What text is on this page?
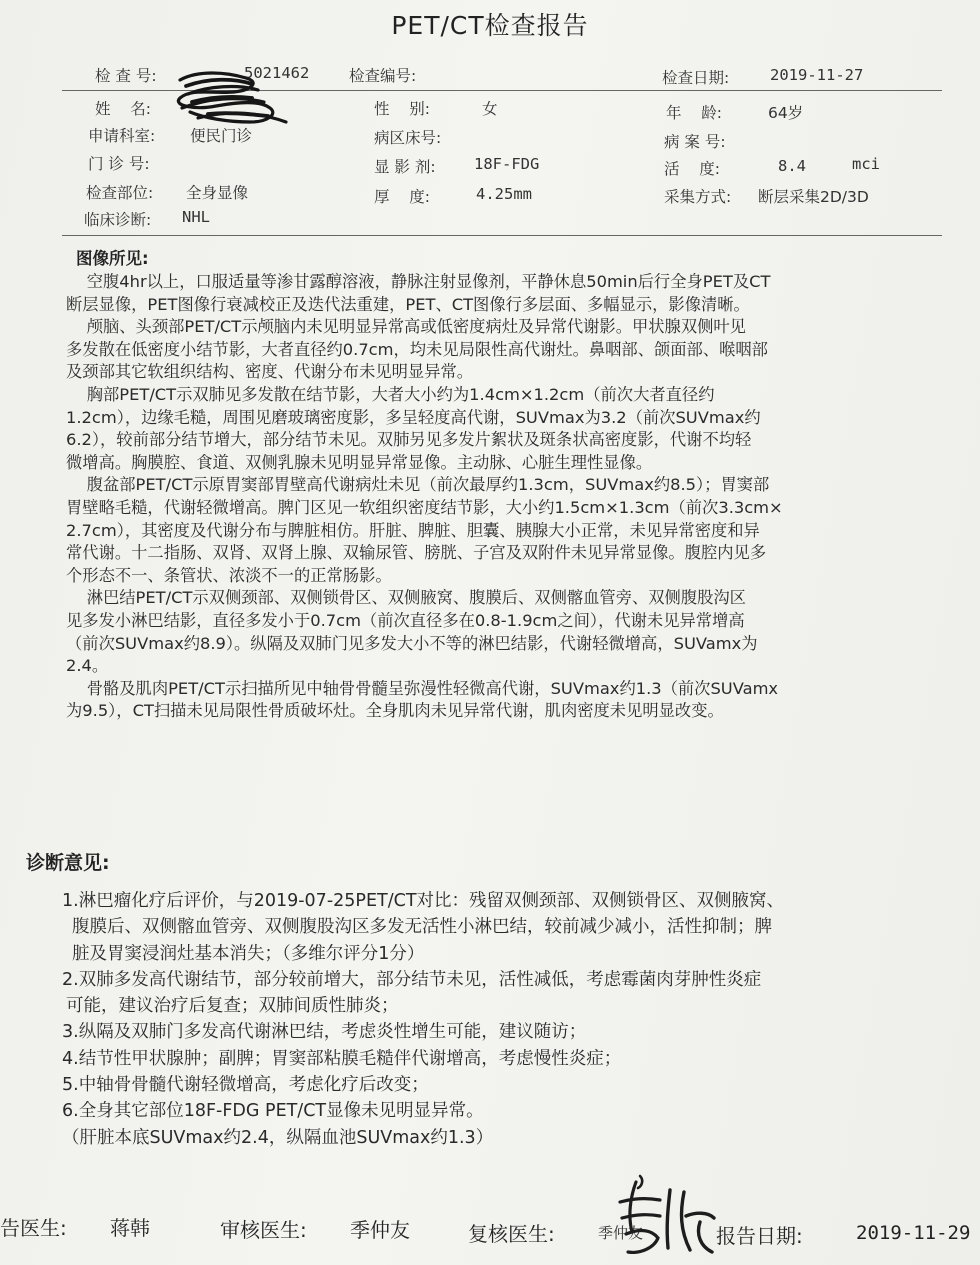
PET/CT检查报告
检 查 号:	5021462	检查编号:	检查日期:	2019-11-27
姓    名:	性    别:	女	年    龄:	64岁
申请科室: 便民门诊	病区床号:	病 案 号:
门 诊 号:	显 影 剂: 18F-FDG	活    度:	8.4	mci
检查部位: 全身显像	厚    度:	4.25mm	采集方式: 断层采集2D/3D
临床诊断: NHL
图像所见:
空腹4hr以上，口服适量等渗甘露醇溶液，静脉注射显像剂，平静休息50min后行全身PET及CT
断层显像，PET图像行衰减校正及迭代法重建，PET、CT图像行多层面、多幅显示，影像清晰。
颅脑、头颈部PET/CT示颅脑内未见明显异常高或低密度病灶及异常代谢影。甲状腺双侧叶见
多发散在低密度小结节影，大者直径约0.7cm，均未见局限性高代谢灶。鼻咽部、颌面部、喉咽部
及颈部其它软组织结构、密度、代谢分布未见明显异常。
胸部PET/CT示双肺见多发散在结节影，大者大小约为1.4cm×1.2cm（前次大者直径约
1.2cm），边缘毛糙，周围见磨玻璃密度影，多呈轻度高代谢，SUVmax为3.2（前次SUVmax约
6.2），较前部分结节增大，部分结节未见。双肺另见多发片絮状及斑条状高密度影，代谢不均轻
微增高。胸膜腔、食道、双侧乳腺未见明显异常显像。主动脉、心脏生理性显像。
腹盆部PET/CT示原胃窦部胃壁高代谢病灶未见（前次最厚约1.3cm，SUVmax约8.5）；胃窦部
胃壁略毛糙，代谢轻微增高。脾门区见一软组织密度结节影，大小约1.5cm×1.3cm（前次3.3cm×
2.7cm），其密度及代谢分布与脾脏相仿。肝脏、脾脏、胆囊、胰腺大小正常，未见异常密度和异
常代谢。十二指肠、双肾、双肾上腺、双输尿管、膀胱、子宫及双附件未见异常显像。腹腔内见多
个形态不一、条管状、浓淡不一的正常肠影。
淋巴结PET/CT示双侧颈部、双侧锁骨区、双侧腋窝、腹膜后、双侧髂血管旁、双侧腹股沟区
见多发小淋巴结影，直径多发小于0.7cm（前次直径多在0.8-1.9cm之间），代谢未见异常增高
（前次SUVmax约8.9）。纵隔及双肺门见多发大小不等的淋巴结影，代谢轻微增高，SUVamx为
2.4。
骨骼及肌肉PET/CT示扫描所见中轴骨骨髓呈弥漫性轻微高代谢，SUVmax约1.3（前次SUVamx
为9.5），CT扫描未见局限性骨质破坏灶。全身肌肉未见异常代谢，肌肉密度未见明显改变。
诊断意见:
1.淋巴瘤化疗后评价，与2019-07-25PET/CT对比：残留双侧颈部、双侧锁骨区、双侧腋窝、
腹膜后、双侧髂血管旁、双侧腹股沟区多发无活性小淋巴结，较前减少减小，活性抑制；脾
脏及胃窦浸润灶基本消失；（多维尔评分1分）
2.双肺多发高代谢结节，部分较前增大，部分结节未见，活性减低，考虑霉菌肉芽肿性炎症
可能，建议治疗后复查；双肺间质性肺炎；
3.纵隔及双肺门多发高代谢淋巴结，考虑炎性增生可能，建议随访；
4.结节性甲状腺肿；副脾；胃窦部粘膜毛糙伴代谢增高，考虑慢性炎症；
5.中轴骨骨髓代谢轻微增高，考虑化疗后改变；
6.全身其它部位18F-FDG PET/CT显像未见明显异常。
（肝脏本底SUVmax约2.4，纵隔血池SUVmax约1.3）
告医生: 蒋韩	审核医生: 季仲友	复核医生:	季仲友	报告日期:	2019-11-29
